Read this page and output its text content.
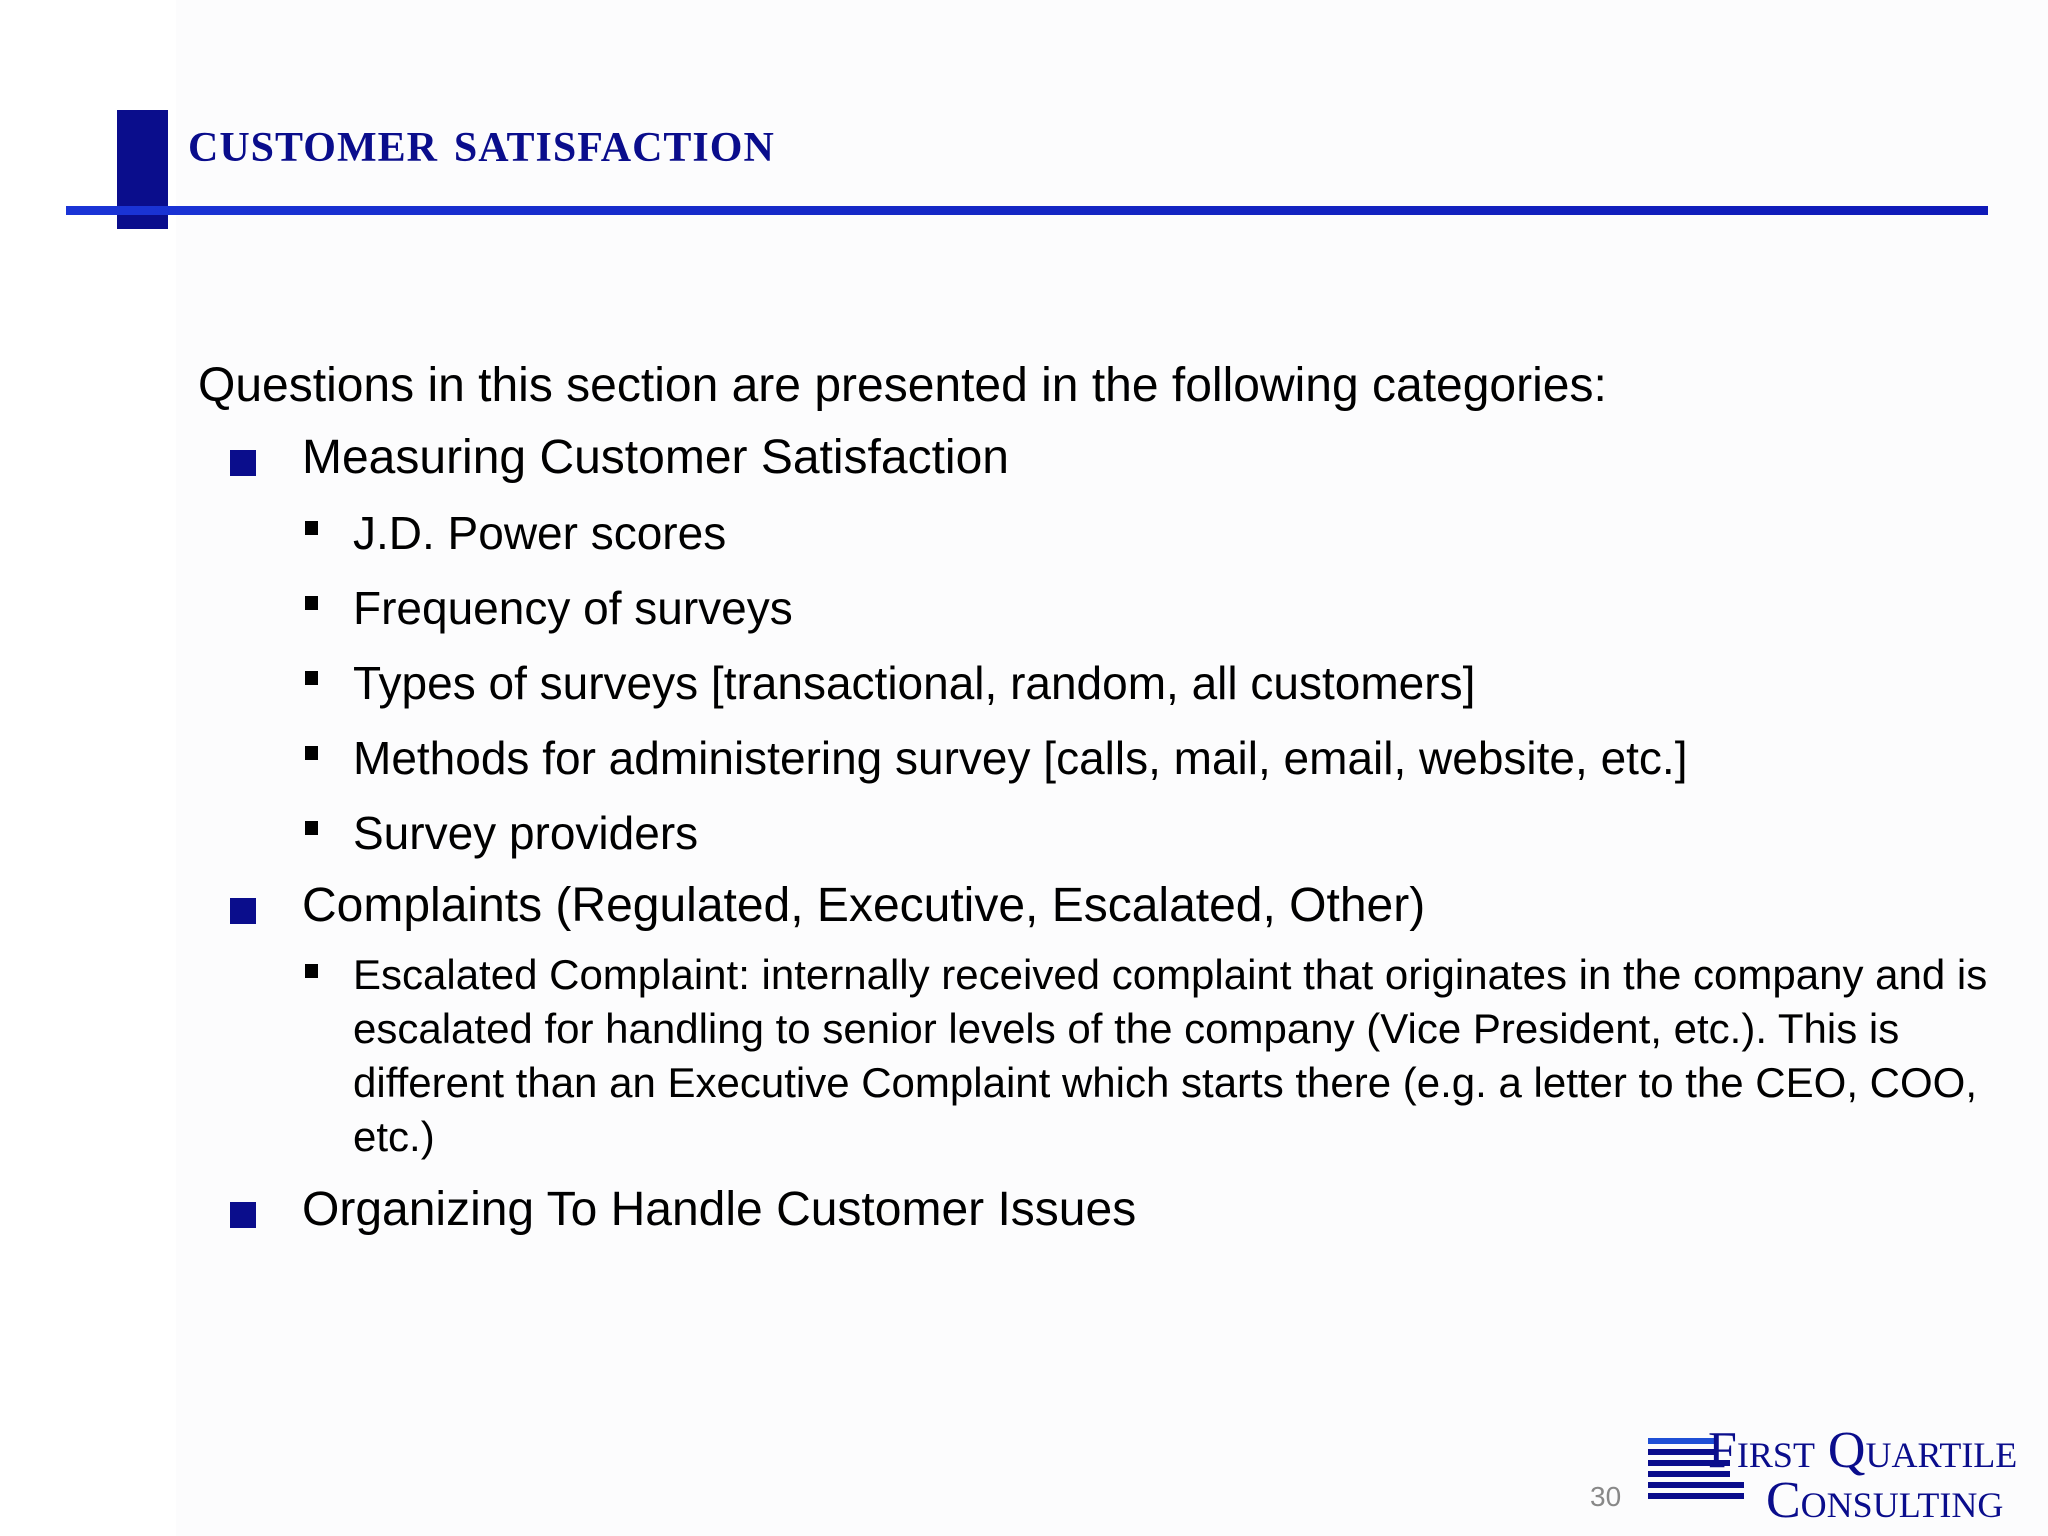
customer satisfaction
Questions in this section are presented in the following categories:
Measuring Customer Satisfaction
J.D. Power scores
Frequency of surveys
Types of surveys [transactional, random, all customers]
Methods for administering survey [calls, mail, email, website, etc.]
Survey providers
Complaints (Regulated, Executive, Escalated, Other)
Escalated Complaint: internally received complaint that originates in the company and is escalated for handling to senior levels of the company (Vice President, etc.). This is different than an Executive Complaint which starts there (e.g. a letter to the CEO, COO, etc.)
Organizing To Handle Customer Issues
30
First Quartile
Consulting
